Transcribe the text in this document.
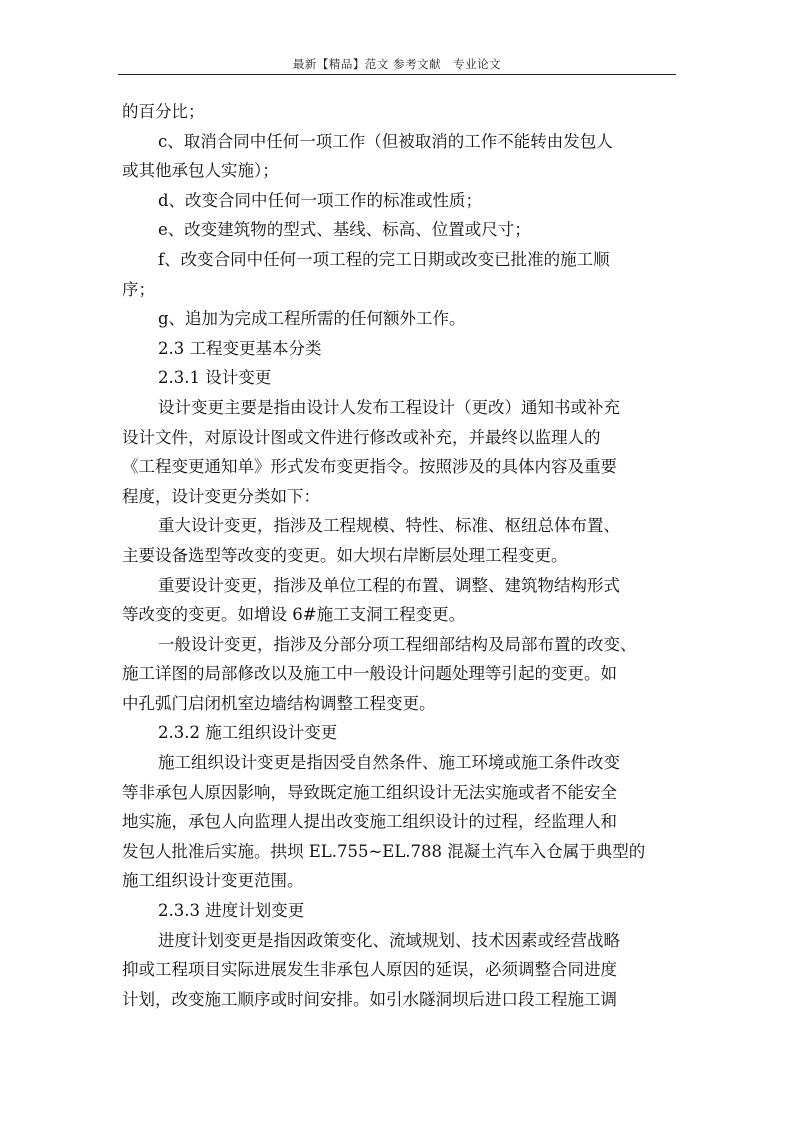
最新【精品】范文 参考文献　专业论文
的百分比；
c、取消合同中任何一项工作（但被取消的工作不能转由发包人
或其他承包人实施）；
d、改变合同中任何一项工作的标准或性质；
e、改变建筑物的型式、基线、标高、位置或尺寸；
f、改变合同中任何一项工程的完工日期或改变已批准的施工顺
序；
g、追加为完成工程所需的任何额外工作。
2.3 工程变更基本分类
2.3.1 设计变更
设计变更主要是指由设计人发布工程设计（更改）通知书或补充
设计文件，对原设计图或文件进行修改或补充，并最终以监理人的
《工程变更通知单》形式发布变更指令。按照涉及的具体内容及重要
程度，设计变更分类如下：
重大设计变更，指涉及工程规模、特性、标准、枢纽总体布置、
主要设备选型等改变的变更。如大坝右岸断层处理工程变更。
重要设计变更，指涉及单位工程的布置、调整、建筑物结构形式
等改变的变更。如增设 6#施工支洞工程变更。
一般设计变更，指涉及分部分项工程细部结构及局部布置的改变、
施工详图的局部修改以及施工中一般设计问题处理等引起的变更。如
中孔弧门启闭机室边墙结构调整工程变更。
2.3.2 施工组织设计变更
施工组织设计变更是指因受自然条件、施工环境或施工条件改变
等非承包人原因影响，导致既定施工组织设计无法实施或者不能安全
地实施，承包人向监理人提出改变施工组织设计的过程，经监理人和
发包人批准后实施。拱坝 EL.755~EL.788 混凝土汽车入仓属于典型的
施工组织设计变更范围。
2.3.3 进度计划变更
进度计划变更是指因政策变化、流域规划、技术因素或经营战略
抑或工程项目实际进展发生非承包人原因的延误，必须调整合同进度
计划，改变施工顺序或时间安排。如引水隧洞坝后进口段工程施工调
